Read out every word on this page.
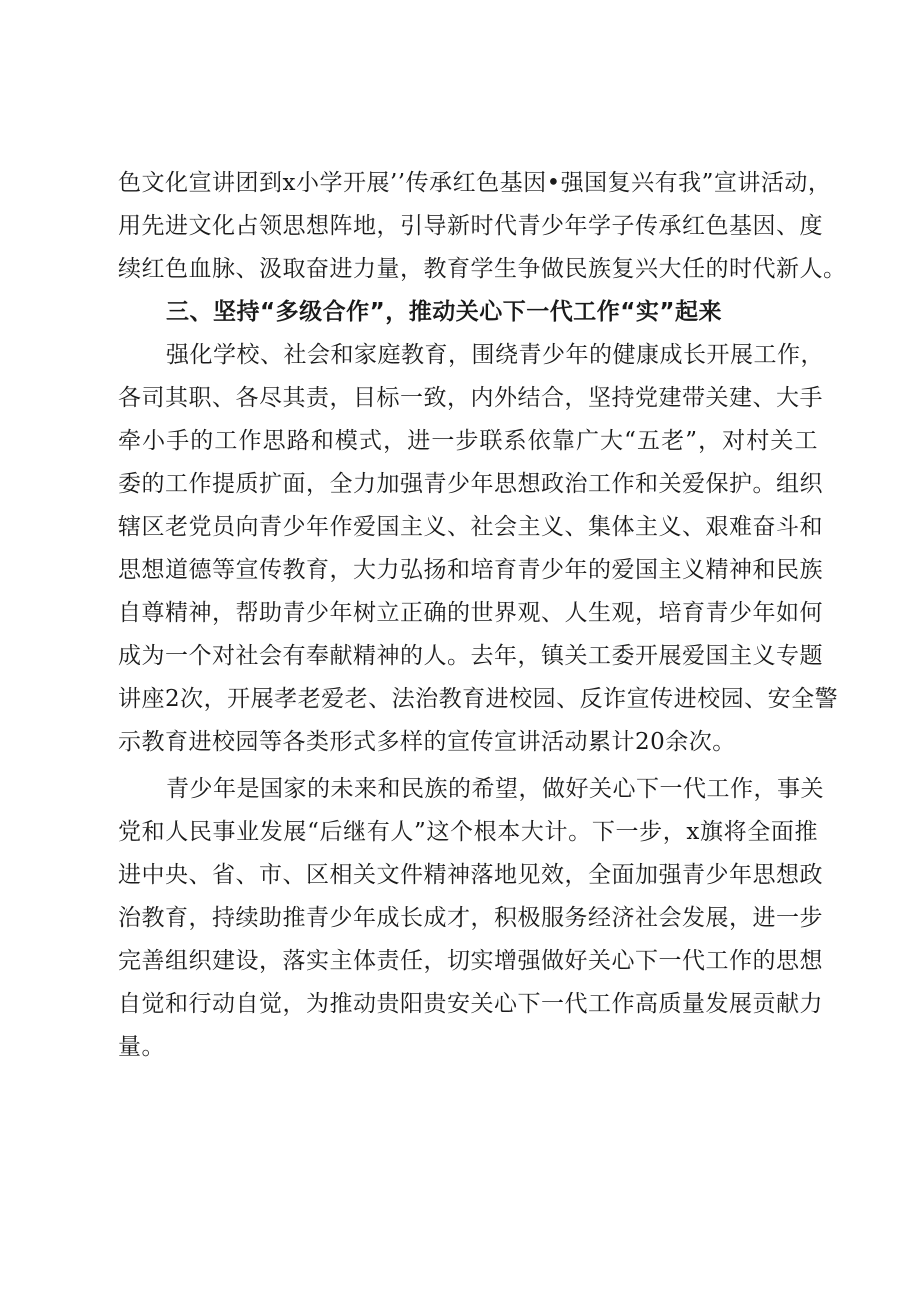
色文化宣讲团到x小学开展’’传承红色基因•强国复兴有我”宣讲活动，
用先进文化占领思想阵地，引导新时代青少年学子传承红色基因、度
续红色血脉、汲取奋进力量，教育学生争做民族复兴大任的时代新人。
三、坚持“多级合作”，推动关心下一代工作“实”起来
强化学校、社会和家庭教育，围绕青少年的健康成长开展工作，
各司其职、各尽其责，目标一致，内外结合，坚持党建带关建、大手
牵小手的工作思路和模式，进一步联系依靠广大“五老”，对村关工
委的工作提质扩面，全力加强青少年思想政治工作和关爱保护。组织
辖区老党员向青少年作爱国主义、社会主义、集体主义、艰难奋斗和
思想道德等宣传教育，大力弘扬和培育青少年的爱国主义精神和民族
自尊精神，帮助青少年树立正确的世界观、人生观，培育青少年如何
成为一个对社会有奉献精神的人。去年，镇关工委开展爱国主义专题
讲座2次，开展孝老爱老、法治教育进校园、反诈宣传进校园、安全警
示教育进校园等各类形式多样的宣传宣讲活动累计20余次。
青少年是国家的未来和民族的希望，做好关心下一代工作，事关
党和人民事业发展“后继有人”这个根本大计。下一步，x旗将全面推
进中央、省、市、区相关文件精神落地见效，全面加强青少年思想政
治教育，持续助推青少年成长成才，积极服务经济社会发展，进一步
完善组织建设，落实主体责任，切实增强做好关心下一代工作的思想
自觉和行动自觉，为推动贵阳贵安关心下一代工作高质量发展贡献力
量。
